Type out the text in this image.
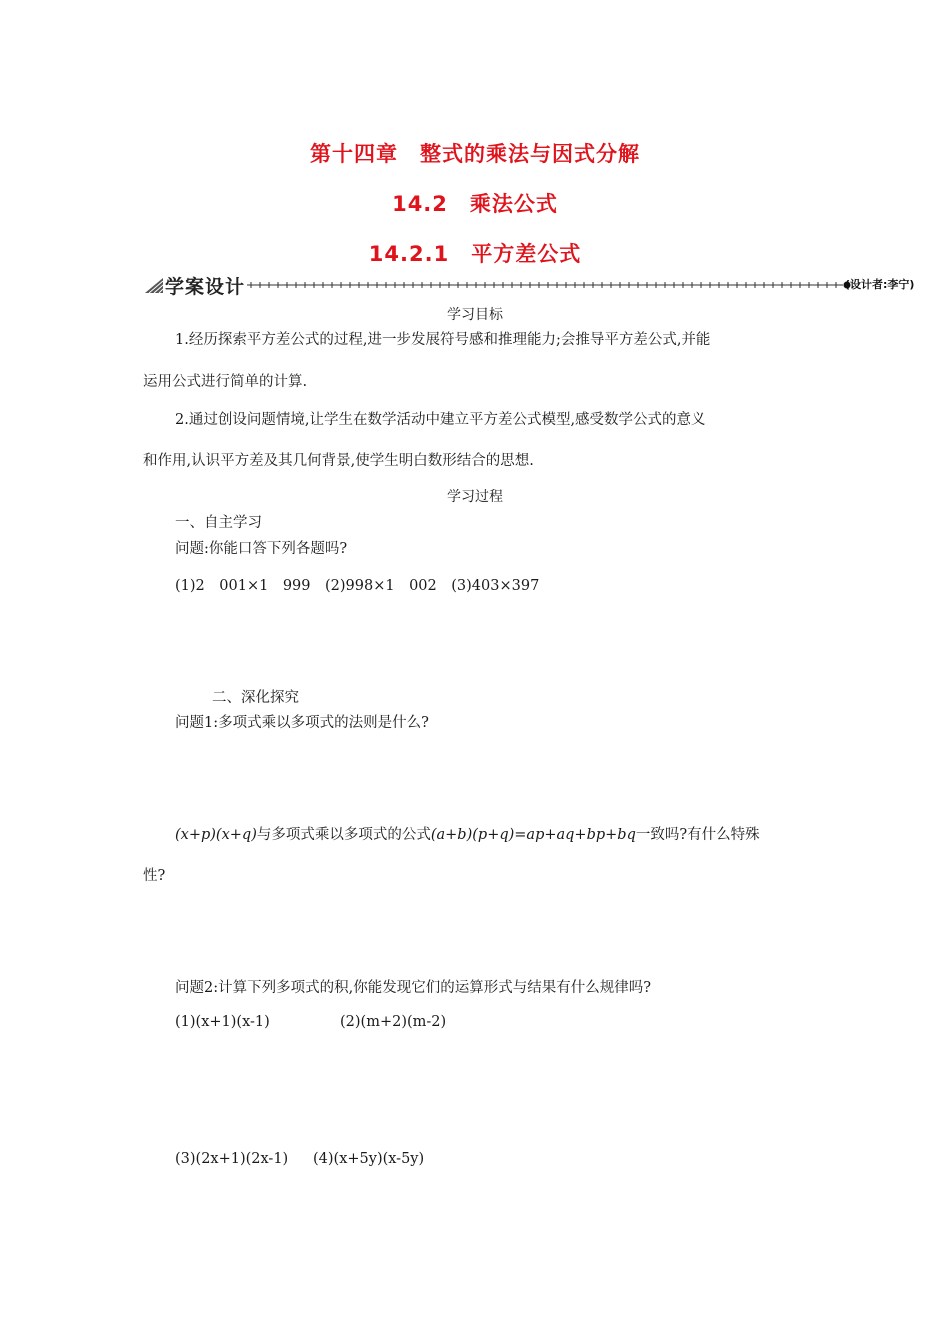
第十四章　整式的乘法与因式分解
14.2　乘法公式
14.2.1　平方差公式
学案设计	(设计者:李宁)
学习目标
1.经历探索平方差公式的过程,进一步发展符号感和推理能力;会推导平方差公式,并能
运用公式进行简单的计算.
2.通过创设问题情境,让学生在数学活动中建立平方差公式模型,感受数学公式的意义
和作用,认识平方差及其几何背景,使学生明白数形结合的思想.
学习过程
一、自主学习
问题:你能口答下列各题吗?
(1)2　001×1　999　(2)998×1　002　(3)403×397
二、深化探究
问题1:多项式乘以多项式的法则是什么?
(x+p)(x+q)与多项式乘以多项式的公式(a+b)(p+q)=ap+aq+bp+bq一致吗?有什么特殊
性?
问题2:计算下列多项式的积,你能发现它们的运算形式与结果有什么规律吗?
(1)(x+1)(x-1)	(2)(m+2)(m-2)
(3)(2x+1)(2x-1) (4)(x+5y)(x-5y)
